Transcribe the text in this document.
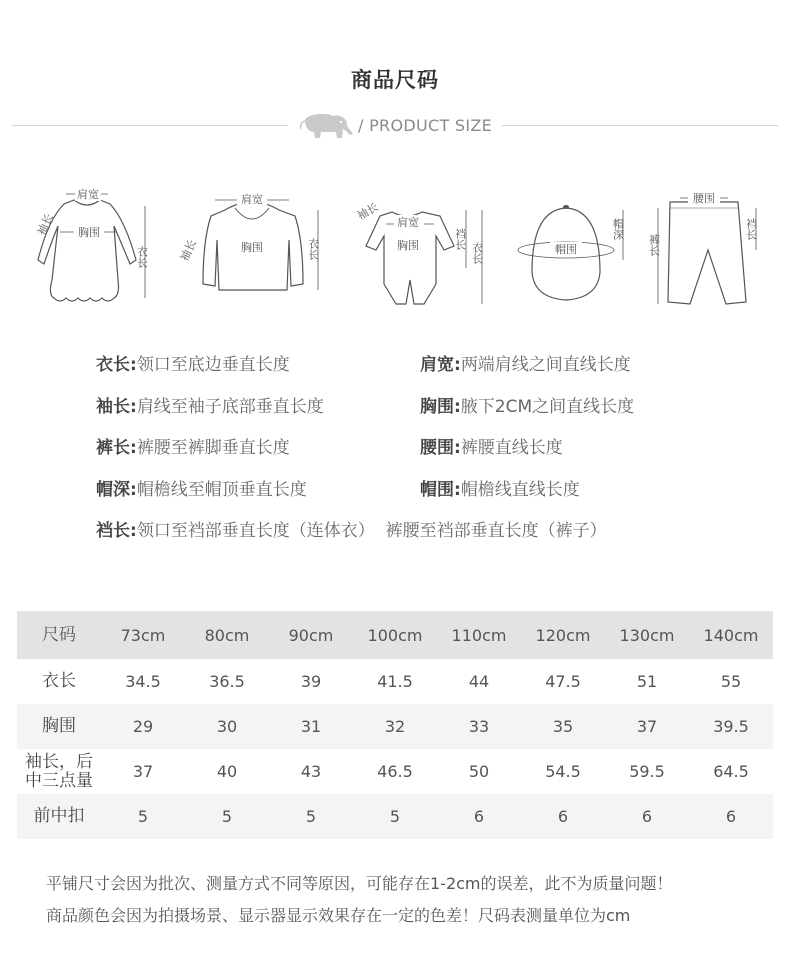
商品尺码
/ PRODUCT SIZE
肩宽
胸围
袖长
衣长
肩宽
胸围
袖长	衣长
肩宽
胸围
袖长
裆长
衣长	帽围
帽深
腰围
裤长
裆长
衣长:领口至底边垂直长度	肩宽:两端肩线之间直线长度
袖长:肩线至袖子底部垂直长度	胸围:腋下2CM之间直线长度
裤长:裤腰至裤脚垂直长度	腰围:裤腰直线长度
帽深:帽檐线至帽顶垂直长度	帽围:帽檐线直线长度
裆长:领口至裆部垂直长度（连体衣）  裤腰至裆部垂直长度（裤子）
尺码	73cm	80cm	90cm	100cm	110cm	120cm	130cm	140cm
衣长	34.5	36.5	39	41.5	44	47.5	51	55
胸围	29	30	31	32	33	35	37	39.5
袖长，后中三点量	37	40	43	46.5	50	54.5	59.5	64.5
前中扣	5	5	5	5	6	6	6	6
平铺尺寸会因为批次、测量方式不同等原因，可能存在1-2cm的误差，此不为质量问题！
商品颜色会因为拍摄场景、显示器显示效果存在一定的色差！尺码表测量单位为cm
